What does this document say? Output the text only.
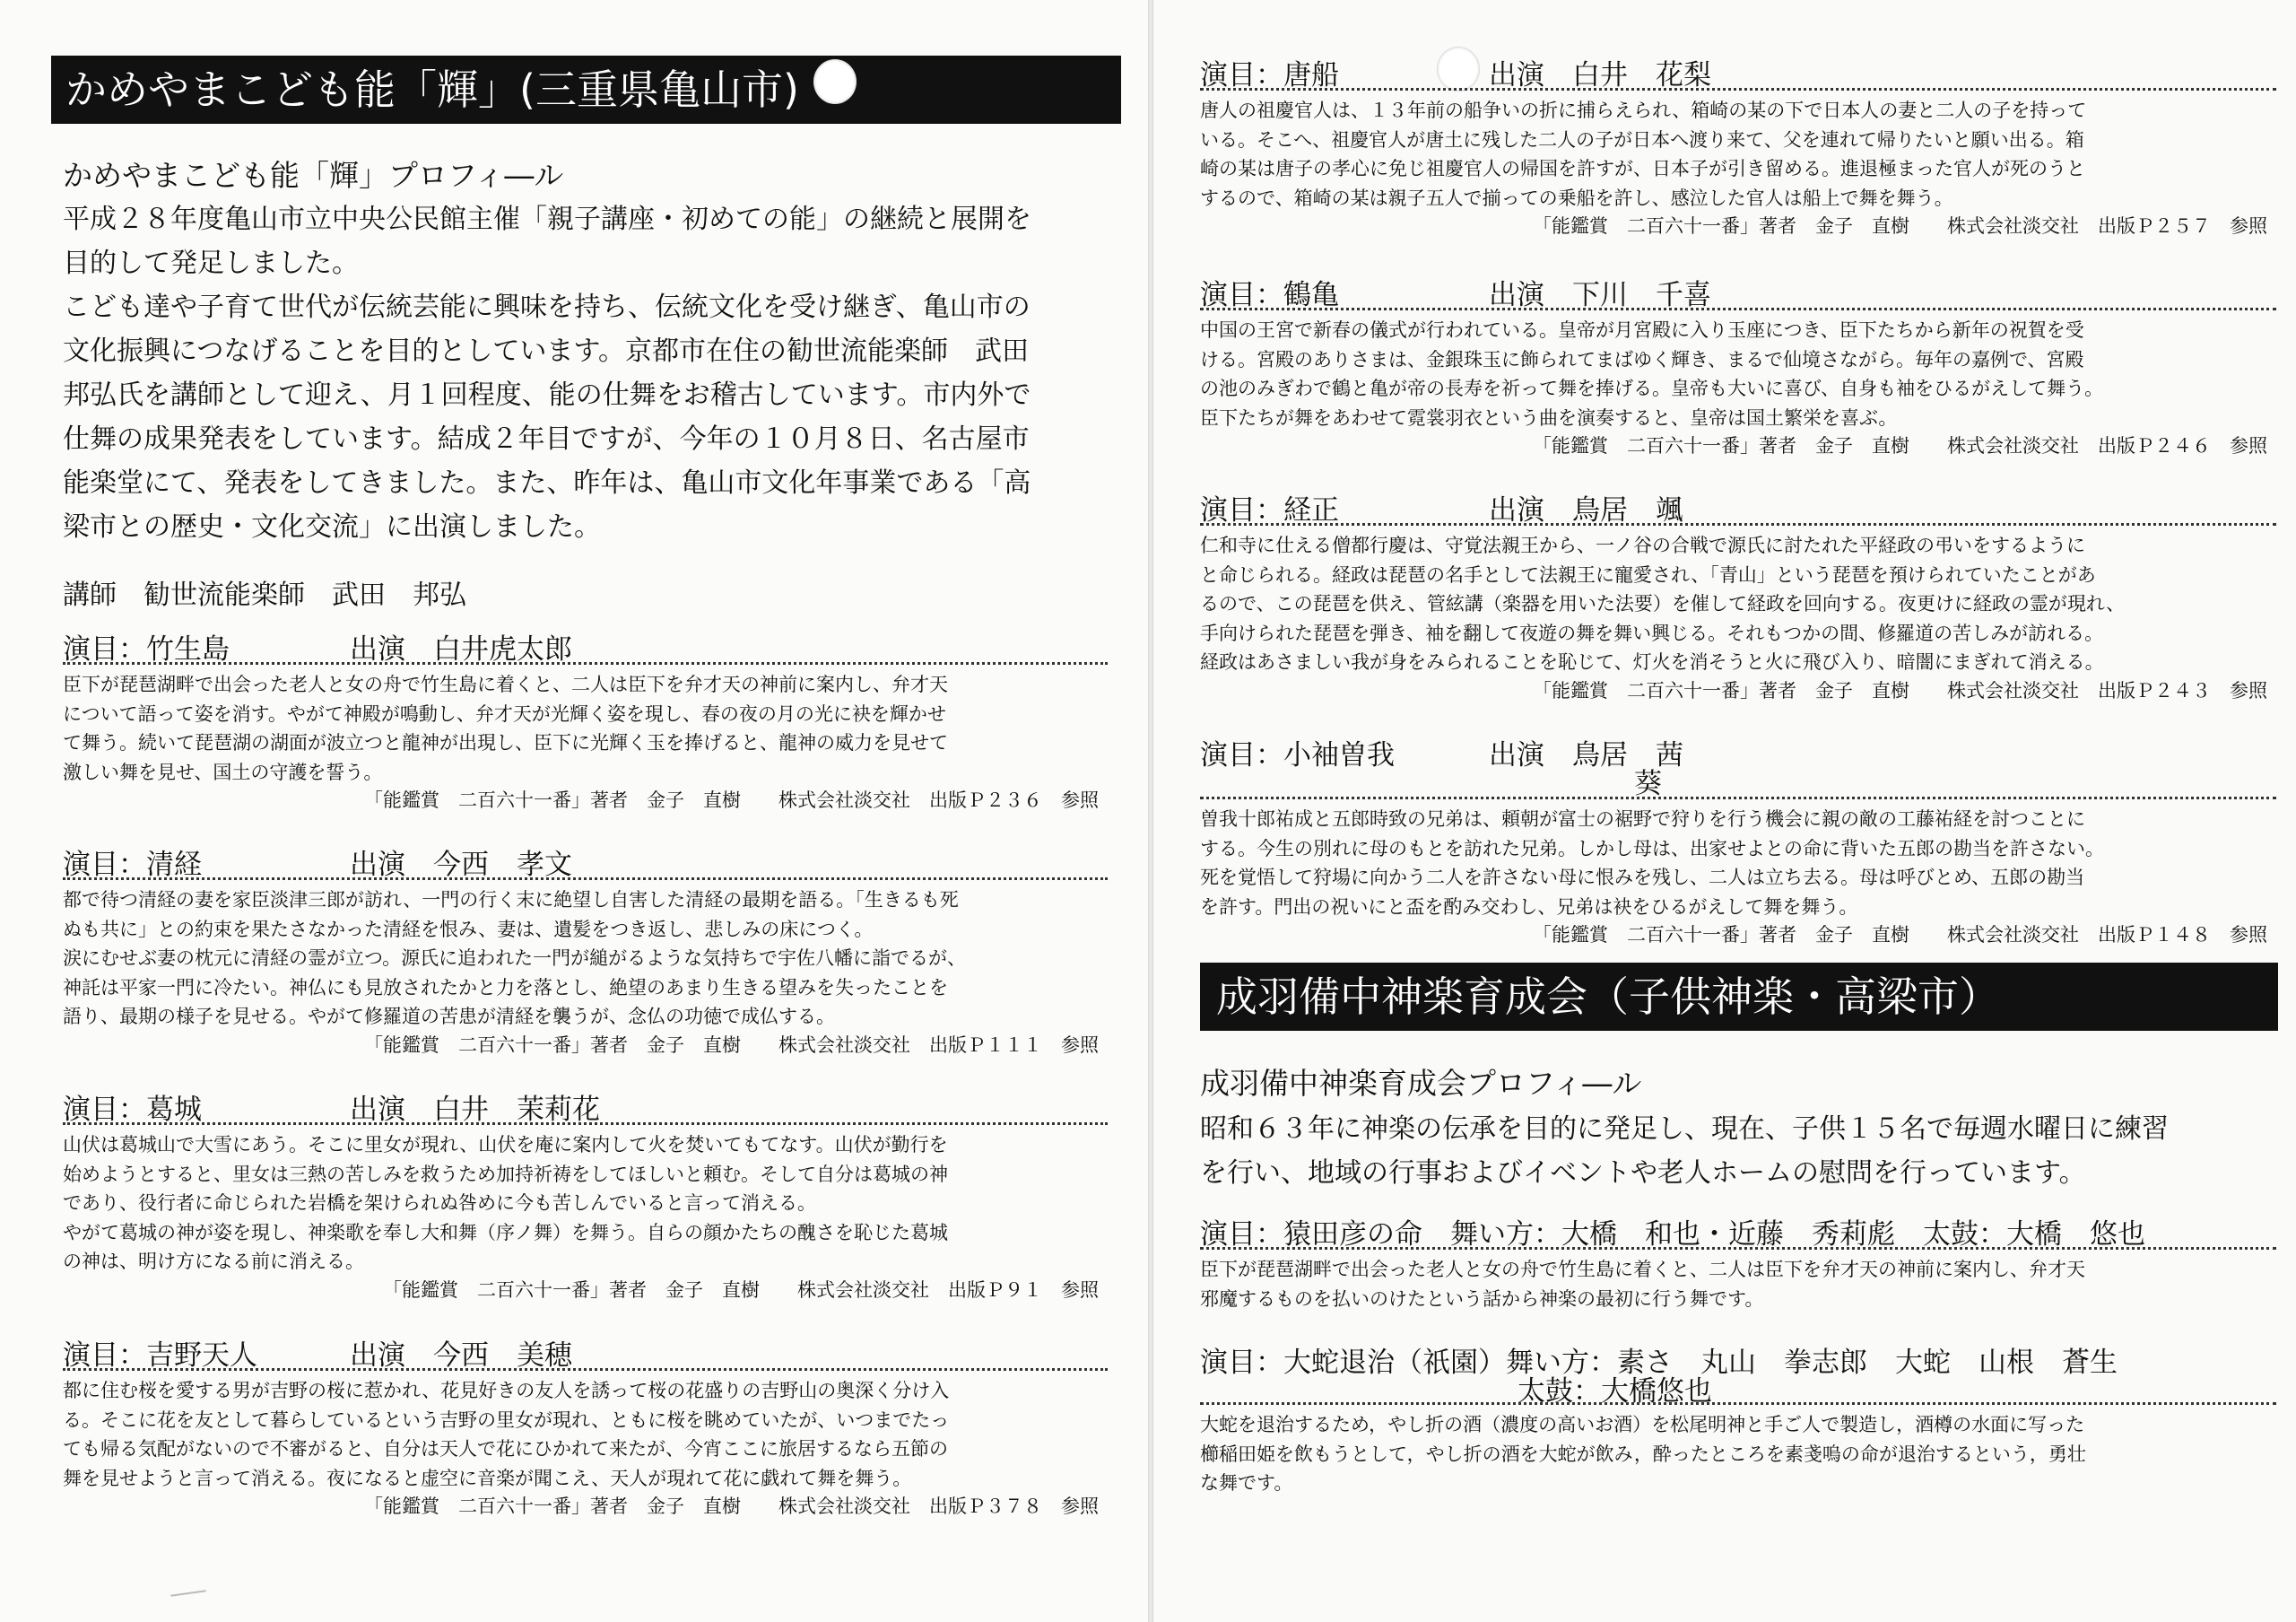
かめやまこども能「輝」(三重県亀山市)
かめやまこども能「輝」プロフィ―ル
平成２８年度亀山市立中央公民館主催「親子講座・初めての能」の継続と展開を
目的して発足しました。
こども達や子育て世代が伝統芸能に興味を持ち、伝統文化を受け継ぎ、亀山市の
文化振興につなげることを目的としています。京都市在住の勧世流能楽師　武田
邦弘氏を講師として迎え、月１回程度、能の仕舞をお稽古しています。市内外で
仕舞の成果発表をしています。結成２年目ですが、今年の１０月８日、名古屋市
能楽堂にて、発表をしてきました。また、昨年は、亀山市文化年事業である「高
梁市との歴史・文化交流」に出演しました。
講師　勧世流能楽師　武田　邦弘
演目：竹生島	出演　白井虎太郎
臣下が琵琶湖畔で出会った老人と女の舟で竹生島に着くと、二人は臣下を弁才天の神前に案内し、弁才天
について語って姿を消す。やがて神殿が鳴動し、弁才天が光輝く姿を現し、春の夜の月の光に袂を輝かせ
て舞う。続いて琵琶湖の湖面が波立つと龍神が出現し、臣下に光輝く玉を捧げると、龍神の威力を見せて
激しい舞を見せ、国土の守護を誓う。
「能鑑賞　二百六十一番」著者　金子　直樹　　株式会社淡交社　出版Ｐ２３６　参照
演目：清経	出演　今西　孝文
都で待つ清経の妻を家臣淡津三郎が訪れ、一門の行く末に絶望し自害した清経の最期を語る。「生きるも死
ぬも共に」との約束を果たさなかった清経を恨み、妻は、遺髪をつき返し、悲しみの床につく。
涙にむせぶ妻の枕元に清経の霊が立つ。源氏に追われた一門が縋がるような気持ちで宇佐八幡に詣でるが、
神託は平家一門に冷たい。神仏にも見放されたかと力を落とし、絶望のあまり生きる望みを失ったことを
語り、最期の様子を見せる。やがて修羅道の苦患が清経を襲うが、念仏の功徳で成仏する。
「能鑑賞　二百六十一番」著者　金子　直樹　　株式会社淡交社　出版Ｐ１１１　参照
演目：葛城	出演　白井　茉莉花
山伏は葛城山で大雪にあう。そこに里女が現れ、山伏を庵に案内して火を焚いてもてなす。山伏が勤行を
始めようとすると、里女は三熱の苦しみを救うため加持祈祷をしてほしいと頼む。そして自分は葛城の神
であり、役行者に命じられた岩橋を架けられぬ咎めに今も苦しんでいると言って消える。
やがて葛城の神が姿を現し、神楽歌を奉し大和舞（序ノ舞）を舞う。自らの顔かたちの醜さを恥じた葛城
の神は、明け方になる前に消える。
「能鑑賞　二百六十一番」著者　金子　直樹　　株式会社淡交社　出版Ｐ９１　参照
演目：吉野天人	出演　今西　美穂
都に住む桜を愛する男が吉野の桜に惹かれ、花見好きの友人を誘って桜の花盛りの吉野山の奥深く分け入
る。そこに花を友として暮らしているという吉野の里女が現れ、ともに桜を眺めていたが、いつまでたっ
ても帰る気配がないので不審がると、自分は天人で花にひかれて来たが、今宵ここに旅居するなら五節の
舞を見せようと言って消える。夜になると虚空に音楽が聞こえ、天人が現れて花に戯れて舞を舞う。
「能鑑賞　二百六十一番」著者　金子　直樹　　株式会社淡交社　出版Ｐ３７８　参照
演目：唐船	出演　白井　花梨
唐人の祖慶官人は、１３年前の船争いの折に捕らえられ、箱崎の某の下で日本人の妻と二人の子を持って
いる。そこへ、祖慶官人が唐土に残した二人の子が日本へ渡り来て、父を連れて帰りたいと願い出る。箱
崎の某は唐子の孝心に免じ祖慶官人の帰国を許すが、日本子が引き留める。進退極まった官人が死のうと
するので、箱崎の某は親子五人で揃っての乗船を許し、感泣した官人は船上で舞を舞う。
「能鑑賞　二百六十一番」著者　金子　直樹　　株式会社淡交社　出版Ｐ２５７　参照
演目：鶴亀	出演　下川　千喜
中国の王宮で新春の儀式が行われている。皇帝が月宮殿に入り玉座につき、臣下たちから新年の祝賀を受
ける。宮殿のありさまは、金銀珠玉に飾られてまばゆく輝き、まるで仙境さながら。毎年の嘉例で、宮殿
の池のみぎわで鶴と亀が帝の長寿を祈って舞を捧げる。皇帝も大いに喜び、自身も袖をひるがえして舞う。
臣下たちが舞をあわせて霓裳羽衣という曲を演奏すると、皇帝は国土繁栄を喜ぶ。
「能鑑賞　二百六十一番」著者　金子　直樹　　株式会社淡交社　出版Ｐ２４６　参照
演目：経正	出演　鳥居　颯
仁和寺に仕える僧都行慶は、守覚法親王から、一ノ谷の合戦で源氏に討たれた平経政の弔いをするように
と命じられる。経政は琵琶の名手として法親王に寵愛され、「青山」という琵琶を預けられていたことがあ
るので、この琵琶を供え、管絃講（楽器を用いた法要）を催して経政を回向する。夜更けに経政の霊が現れ、
手向けられた琵琶を弾き、袖を翻して夜遊の舞を舞い興じる。それもつかの間、修羅道の苦しみが訪れる。
経政はあさましい我が身をみられることを恥じて、灯火を消そうと火に飛び入り、暗闇にまぎれて消える。
「能鑑賞　二百六十一番」著者　金子　直樹　　株式会社淡交社　出版Ｐ２４３　参照
演目：小袖曽我	出演　鳥居　茜
葵
曽我十郎祐成と五郎時致の兄弟は、頼朝が富士の裾野で狩りを行う機会に親の敵の工藤祐経を討つことに
する。今生の別れに母のもとを訪れた兄弟。しかし母は、出家せよとの命に背いた五郎の勘当を許さない。
死を覚悟して狩場に向かう二人を許さない母に恨みを残し、二人は立ち去る。母は呼びとめ、五郎の勘当
を許す。門出の祝いにと盃を酌み交わし、兄弟は袂をひるがえして舞を舞う。
「能鑑賞　二百六十一番」著者　金子　直樹　　株式会社淡交社　出版Ｐ１４８　参照
成羽備中神楽育成会（子供神楽・高梁市）
成羽備中神楽育成会プロフィ―ル
昭和６３年に神楽の伝承を目的に発足し、現在、子供１５名で毎週水曜日に練習
を行い、地域の行事およびイベントや老人ホームの慰問を行っています。
演目：猿田彦の命　舞い方：大橋　和也・近藤　秀莉彪　太鼓：大橋　悠也
臣下が琵琶湖畔で出会った老人と女の舟で竹生島に着くと、二人は臣下を弁才天の神前に案内し、弁才天
邪魔するものを払いのけたという話から神楽の最初に行う舞です。
演目：大蛇退治（祇園）舞い方：素さ　丸山　拳志郎　大蛇　山根　蒼生
太鼓：大橋悠也
大蛇を退治するため，やし折の酒（濃度の高いお酒）を松尾明神と手ご人で製造し，酒樽の水面に写った
櫛稲田姫を飲もうとして，やし折の酒を大蛇が飲み，酔ったところを素戔嗚の命が退治するという，勇壮
な舞です。
